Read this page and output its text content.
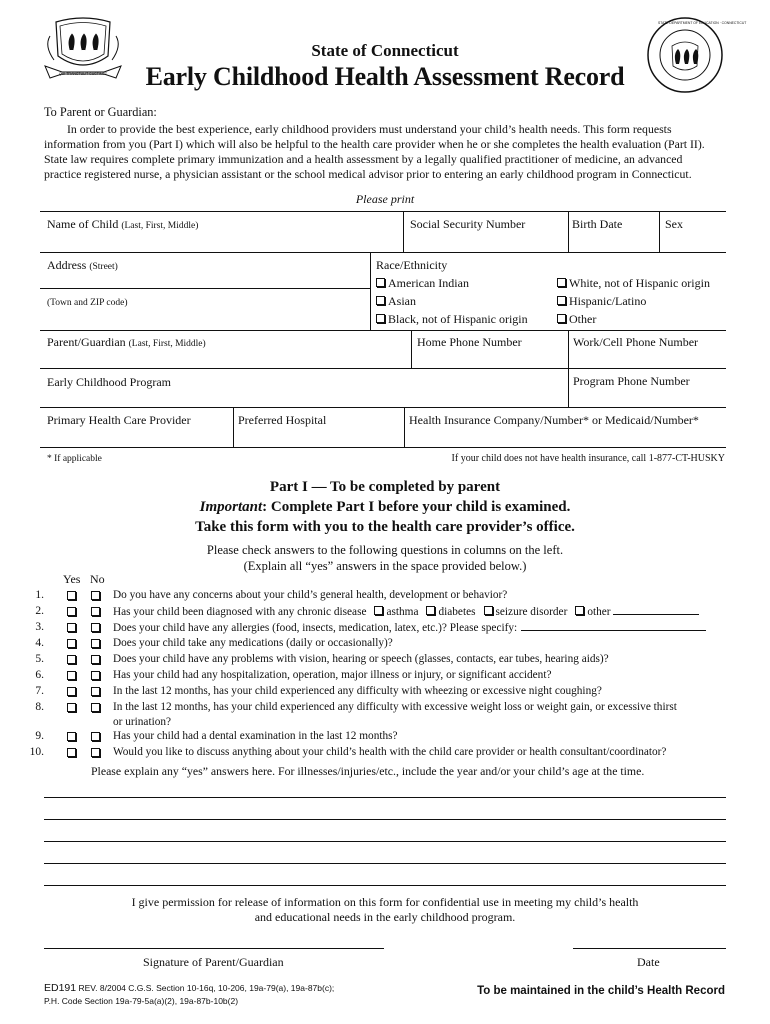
QUI TRANSTULIT SUSTINET
STATE DEPARTMENT OF EDUCATION · CONNECTICUT
State of Connecticut
Early Childhood Health Assessment Record
To Parent or Guardian:
In order to provide the best experience, early childhood providers must understand your child’s health needs. This form requests
information from you (Part I) which will also be helpful to the health care provider when he or she completes the health evaluation (Part II).
State law requires complete primary immunization and a health assessment by a legally qualified practitioner of medicine, an advanced
practice registered nurse, a physician assistant or the school medical advisor prior to entering an early childhood program in Connecticut.
Please print
Name of Child (Last, First, Middle)	Social Security Number	Birth Date	Sex
Address (Street)
(Town and ZIP code)
Race/Ethnicity
American Indian
Asian
Black, not of Hispanic origin
White, not of Hispanic origin
Hispanic/Latino
Other
Parent/Guardian (Last, First, Middle)	Home Phone Number	Work/Cell Phone Number
Early Childhood Program	Program Phone Number
Primary Health Care Provider	Preferred Hospital	Health Insurance Company/Number* or Medicaid/Number*
* If applicable	If your child does not have health insurance, call 1-877-CT-HUSKY
Part I — To be completed by parent
Important: Complete Part I before your child is examined.
Take this form with you to the health care provider’s office.
Please check answers to the following questions in columns on the left.
(Explain all “yes” answers in the space provided below.)
Yes No
1.	Do you have any concerns about your child’s general health, development or behavior?
2.	Has your child been diagnosed with any chronic disease asthma diabetes seizure disorder other
3.	Does your child have any allergies (food, insects, medication, latex, etc.)? Please specify:
4.	Does your child take any medications (daily or occasionally)?
5.	Does your child have any problems with vision, hearing or speech (glasses, contacts, ear tubes, hearing aids)?
6.	Has your child had any hospitalization, operation, major illness or injury, or significant accident?
7.	In the last 12 months, has your child experienced any difficulty with wheezing or excessive night coughing?
8.	In the last 12 months, has your child experienced any difficulty with excessive weight loss or weight gain, or excessive thirst
or urination?
9.	Has your child had a dental examination in the last 12 months?
10.	Would you like to discuss anything about your child’s health with the child care provider or health consultant/coordinator?
Please explain any “yes” answers here. For illnesses/injuries/etc., include the year and/or your child’s age at the time.
I give permission for release of information on this form for confidential use in meeting my child’s health
and educational needs in the early childhood program.
Signature of Parent/Guardian	Date
ED191 REV. 8/2004 C.G.S. Section 10-16q, 10-206, 19a-79(a), 19a-87b(c);
P.H. Code Section 19a-79-5a(a)(2), 19a-87b-10b(2)
To be maintained in the child’s Health Record
